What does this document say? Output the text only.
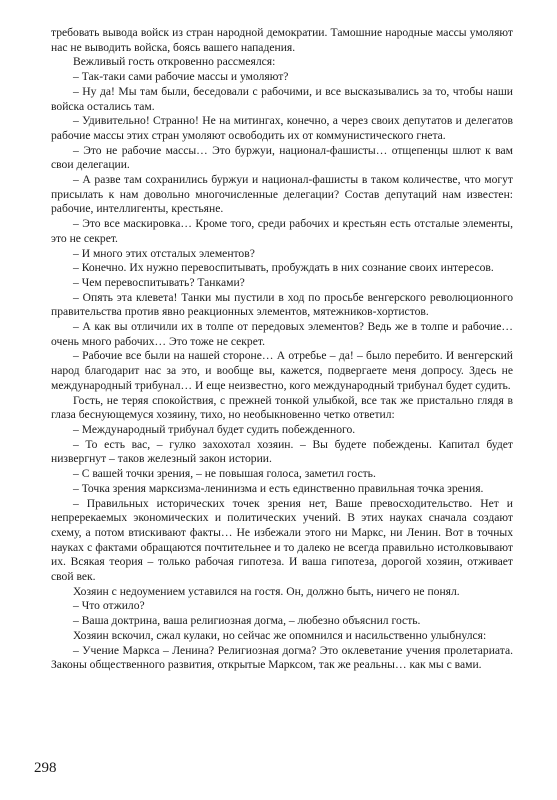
требовать вывода войск из стран народной демократии. Тамошние народные массы умоляют нас не выводить войска, боясь вашего нападения.

Вежливый гость откровенно рассмеялся:

– Так-таки сами рабочие массы и умоляют?

– Ну да! Мы там были, беседовали с рабочими, и все высказывались за то, чтобы наши войска остались там.

– Удивительно! Странно! Не на митингах, конечно, а через своих депутатов и делегатов рабочие массы этих стран умоляют освободить их от коммунистического гнета.

– Это не рабочие массы… Это буржуи, национал-фашисты… отщепенцы шлют к вам свои делегации.

– А разве там сохранились буржуи и национал-фашисты в таком количестве, что могут присылать к нам довольно многочисленные делегации? Состав депутаций нам известен: рабочие, интеллигенты, крестьяне.

– Это все маскировка… Кроме того, среди рабочих и крестьян есть отсталые элементы, это не секрет.

– И много этих отсталых элементов?

– Конечно. Их нужно перевоспитывать, пробуждать в них сознание своих интересов.

– Чем перевоспитывать? Танками?

– Опять эта клевета! Танки мы пустили в ход по просьбе венгерского революционного правительства против явно реакционных элементов, мятежников-хортистов.

– А как вы отличили их в толпе от передовых элементов? Ведь же в толпе и рабочие… очень много рабочих… Это тоже не секрет.

– Рабочие все были на нашей стороне… А отребье – да! – было перебито. И венгерский народ благодарит нас за это, и вообще вы, кажется, подвергаете меня допросу. Здесь не международный трибунал… И еще неизвестно, кого международный трибунал будет судить.

Гость, не теряя спокойствия, с прежней тонкой улыбкой, все так же пристально глядя в глаза беснующемуся хозяину, тихо, но необыкновенно четко ответил:

– Международный трибунал будет судить побежденного.

– То есть вас, – гулко захохотал хозяин. – Вы будете побеждены. Капитал будет низвергнут – таков железный закон истории.

– С вашей точки зрения, – не повышая голоса, заметил гость.

– Точка зрения марксизма-ленинизма и есть единственно правильная точка зрения.

– Правильных исторических точек зрения нет, Ваше превосходительство. Нет и непререкаемых экономических и политических учений. В этих науках сначала создают схему, а потом втискивают факты… Не избежали этого ни Маркс, ни Ленин. Вот в точных науках с фактами обращаются почтительнее и то далеко не всегда правильно истолковывают их. Всякая теория – только рабочая гипотеза. И ваша гипотеза, дорогой хозяин, отживает свой век.

Хозяин с недоумением уставился на гостя. Он, должно быть, ничего не понял.

– Что отжило?

– Ваша доктрина, ваша религиозная догма, – любезно объяснил гость.

Хозяин вскочил, сжал кулаки, но сейчас же опомнился и насильственно улыбнулся:

– Учение Маркса – Ленина? Религиозная догма? Это оклеветание учения пролетариата. Законы общественного развития, открытые Марксом, так же реальны… как мы с вами.

298
